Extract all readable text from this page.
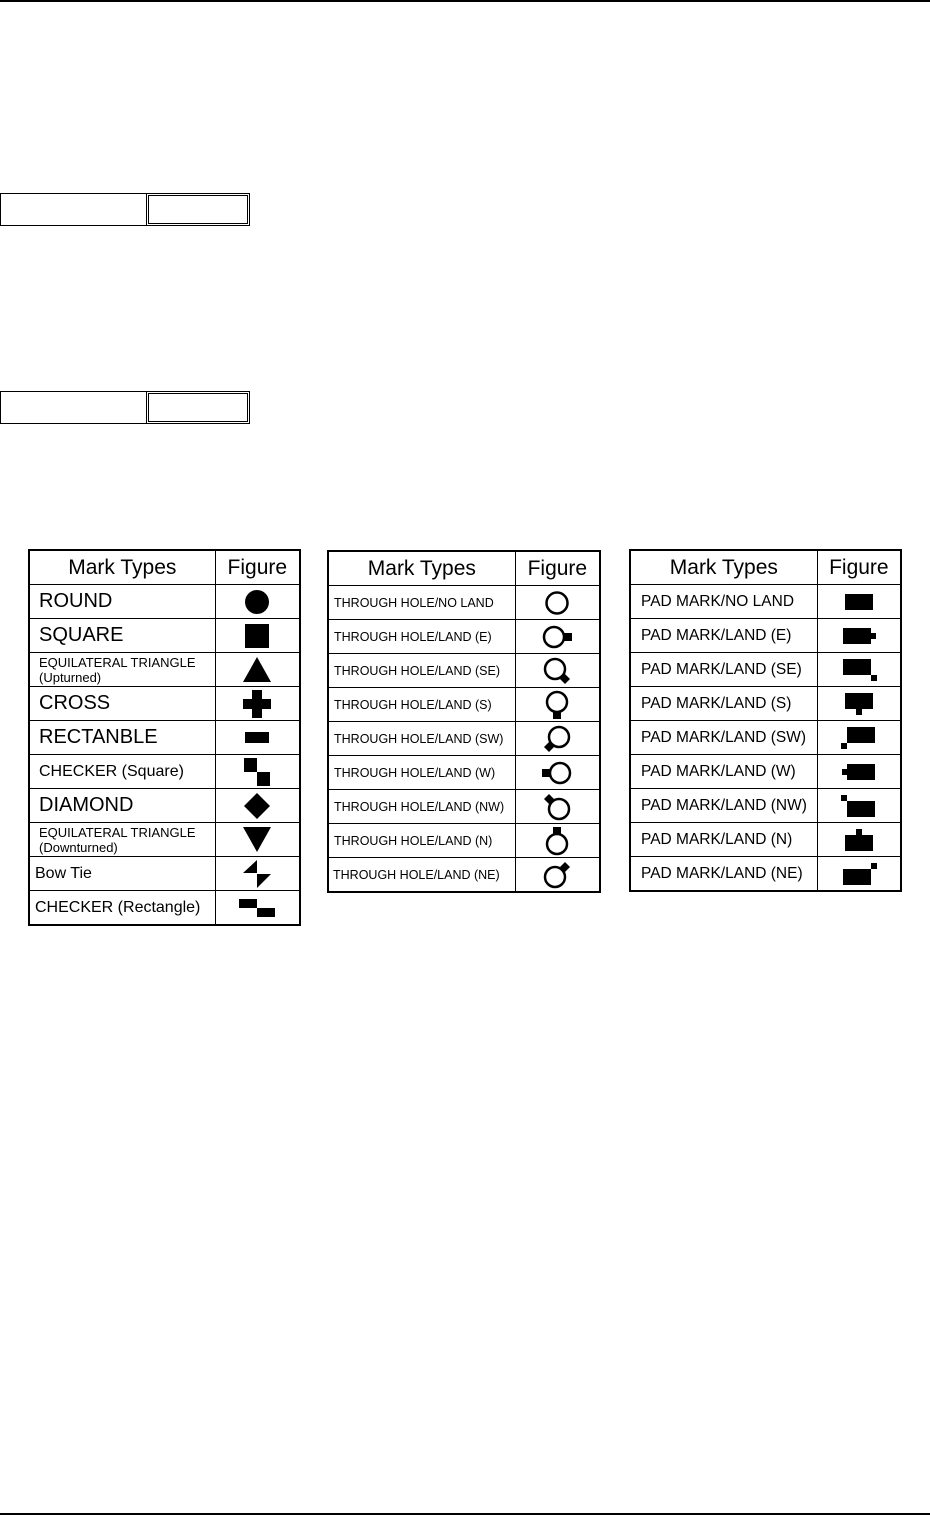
Mark Types	Figure
ROUND	

SQUARE	

EQUILATERAL TRIANGLE
(Upturned)	

CROSS	

RECTANBLE	

CHECKER (Square)	

DIAMOND	

EQUILATERAL TRIANGLE
(Downturned)	

Bow Tie	

CHECKER (Rectangle)	
Mark Types	Figure
THROUGH HOLE/NO LAND	

THROUGH HOLE/LAND (E)	

THROUGH HOLE/LAND (SE)	

THROUGH HOLE/LAND (S)	

THROUGH HOLE/LAND (SW)	

THROUGH HOLE/LAND (W)	

THROUGH HOLE/LAND (NW)	

THROUGH HOLE/LAND (N)	

THROUGH HOLE/LAND (NE)	
Mark Types	Figure
PAD MARK/NO LAND	

PAD MARK/LAND (E)	

PAD MARK/LAND (SE)	

PAD MARK/LAND (S)	

PAD MARK/LAND (SW)	

PAD MARK/LAND (W)	

PAD MARK/LAND (NW)	

PAD MARK/LAND (N)	

PAD MARK/LAND (NE)	
